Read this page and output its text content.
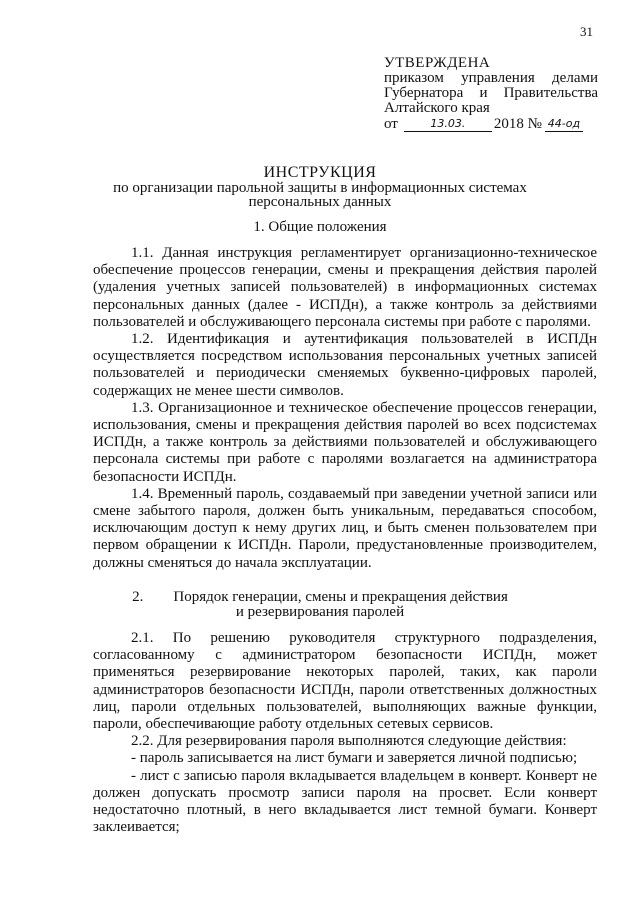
31
УТВЕРЖДЕНА
приказом управления делами
Губернатора и Правительства
Алтайского края
от	13.03.	2018 № 44-од
ИНСТРУКЦИЯ
по организации парольной защиты в информационных системах
персональных данных
1. Общие положения

1.1. Данная инструкция регламентирует организационно-техническое обеспечение процессов генерации, смены и прекращения действия паролей (удаления учетных записей пользователей) в информационных системах персональных данных (далее - ИСПДн), а также контроль за действиями пользователей и обслуживающего персонала системы при работе с паролями.

1.2. Идентификация и аутентификация пользователей в ИСПДн осуществляется посредством использования персональных учетных записей пользователей и периодически сменяемых буквенно-цифровых паролей, содержащих не менее шести символов.

1.3. Организационное и техническое обеспечение процессов генерации, использования, смены и прекращения действия паролей во всех подсистемах ИСПДн, а также контроль за действиями пользователей и обслуживающего персонала системы при работе с паролями возлагается на администратора безопасности ИСПДн.

1.4. Временный пароль, создаваемый при заведении учетной записи или смене забытого пароля, должен быть уникальным, передаваться способом, исключающим доступ к нему других лиц, и быть сменен пользователем при первом обращении к ИСПДн. Пароли, предустановленные производителем, должны сменяться до начала эксплуатации.

2.        Порядок генерации, смены и прекращения действия
и резервирования паролей

2.1. По решению руководителя структурного подразделения, согласованному с администратором безопасности ИСПДн, может применяться резервирование некоторых паролей, таких, как пароли администраторов безопасности ИСПДн, пароли ответственных должностных лиц, пароли отдельных пользователей, выполняющих важные функции, пароли, обеспечивающие работу отдельных сетевых сервисов.

2.2. Для резервирования пароля выполняются следующие действия:

- пароль записывается на лист бумаги и заверяется личной подписью;

- лист с записью пароля вкладывается владельцем в конверт. Конверт не должен допускать просмотр записи пароля на просвет. Если конверт недостаточно плотный, в него вкладывается лист темной бумаги. Конверт заклеивается;
